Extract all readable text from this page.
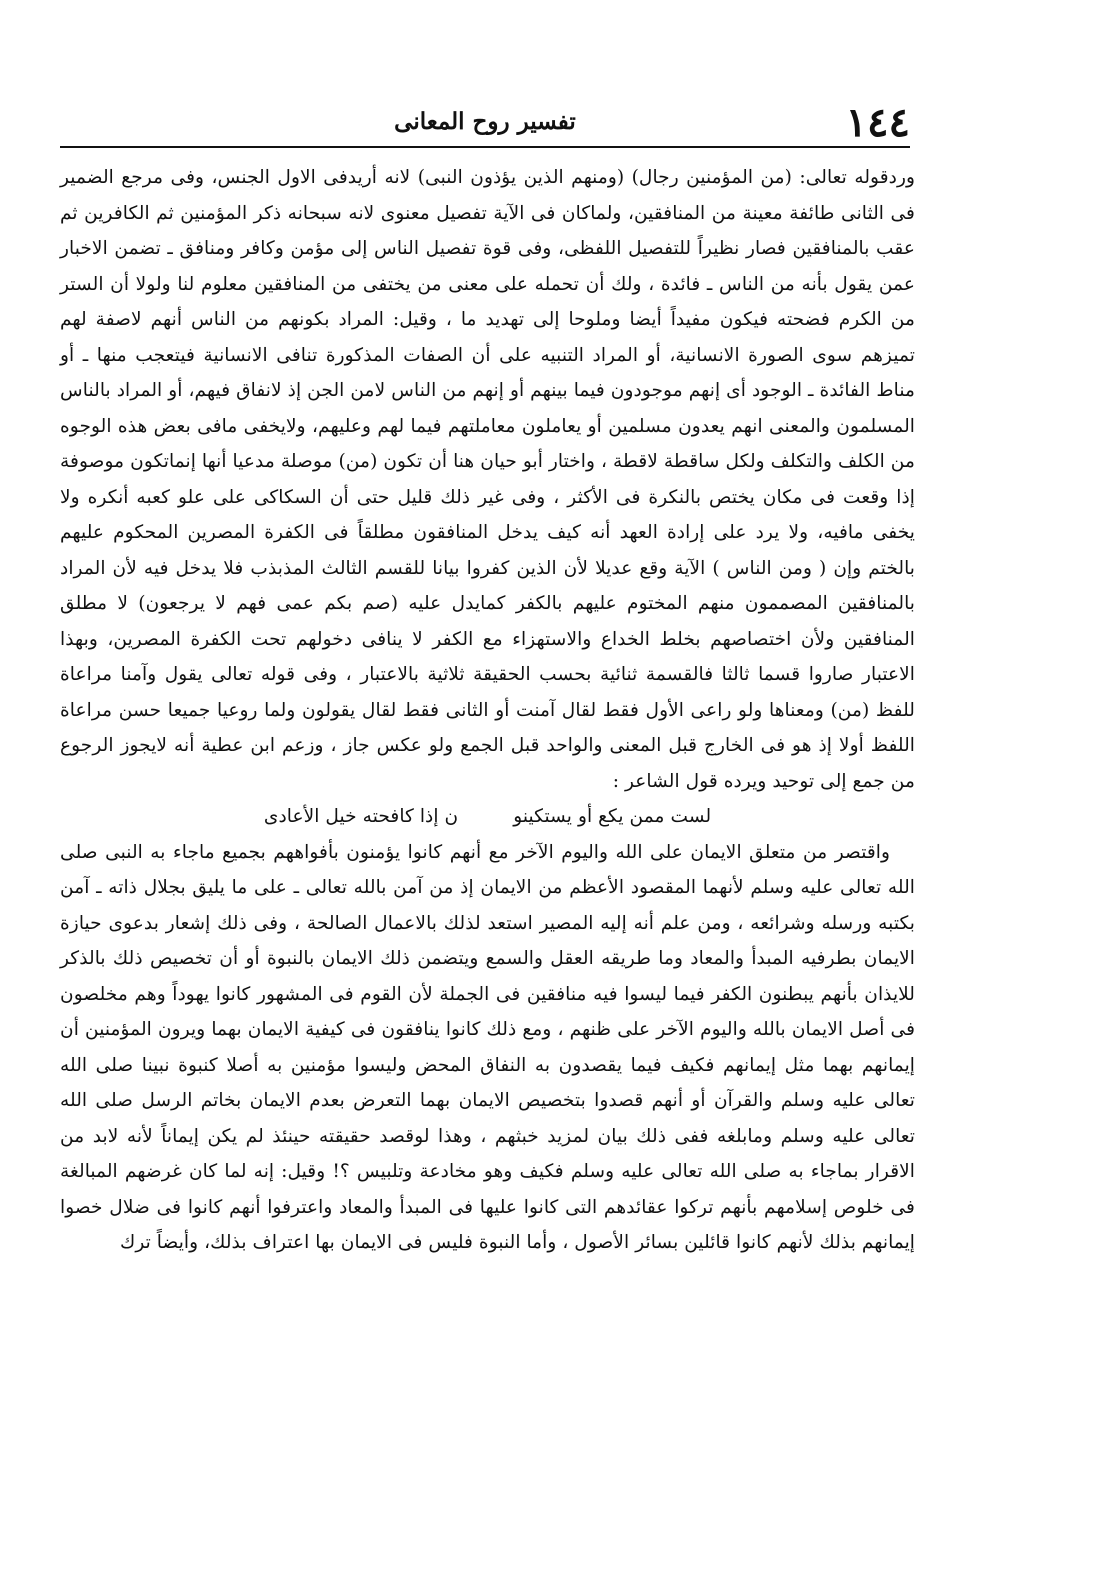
١٤٤
تفسير روح المعانى

وردقوله تعالى: (من المؤمنين رجال) (ومنهم الذين يؤذون النبى) لانه أريدفى الاول الجنس، وفى مرجع الضمير فى الثانى طائفة معينة من المنافقين، ولماكان فى الآية تفصيل معنوى لانه سبحانه ذكر المؤمنين ثم الكافرين ثم عقب بالمنافقين فصار نظيراً للتفصيل اللفظى، وفى قوة تفصيل الناس إلى مؤمن وكافر ومنافق ـ تضمن الاخبار عمن يقول بأنه من الناس ـ فائدة ، ولك أن تحمله على معنى من يختفى من المنافقين معلوم لنا ولولا أن الستر من الكرم فضحته فيكون مفيداً أيضا وملوحا إلى تهديد ما ، وقيل: المراد بكونهم من الناس أنهم لاصفة لهم تميزهم سوى الصورة الانسانية، أو المراد التنبيه على أن الصفات المذكورة تنافى الانسانية فيتعجب منها ـ أو مناط الفائدة ـ الوجود أى إنهم موجودون فيما بينهم أو إنهم من الناس لامن الجن إذ لانفاق فيهم، أو المراد بالناس المسلمون والمعنى انهم يعدون مسلمين أو يعاملون معاملتهم فيما لهم وعليهم، ولايخفى مافى بعض هذه الوجوه من الكلف والتكلف ولكل ساقطة لاقطة ، واختار أبو حيان هنا أن تكون (من) موصلة مدعيا أنها إنماتكون موصوفة إذا وقعت فى مكان يختص بالنكرة فى الأكثر ، وفى غير ذلك قليل حتى أن السكاكى على علو كعبه أنكره ولا يخفى مافيه، ولا يرد على إرادة العهد أنه كيف يدخل المنافقون مطلقاً فى الكفرة المصرين المحكوم عليهم بالختم وإن ( ومن الناس ) الآية وقع عديلا لأن الذين كفروا بيانا للقسم الثالث المذبذب فلا يدخل فيه لأن المراد بالمنافقين المصممون منهم المختوم عليهم بالكفر كمايدل عليه (صم بكم عمى فهم لا يرجعون) لا مطلق المنافقين ولأن اختصاصهم بخلط الخداع والاستهزاء مع الكفر لا ينافى دخولهم تحت الكفرة المصرين، وبهذا الاعتبار صاروا قسما ثالثا فالقسمة ثنائية بحسب الحقيقة ثلاثية بالاعتبار ، وفى قوله تعالى يقول وآمنا مراعاة للفظ (من) ومعناها ولو راعى الأول فقط لقال آمنت أو الثانى فقط لقال يقولون ولما روعيا جميعا حسن مراعاة اللفظ أولا إذ هو فى الخارج قبل المعنى والواحد قبل الجمع ولو عكس جاز ، وزعم ابن عطية أنه لايجوز الرجوع من جمع إلى توحيد ويرده قول الشاعر :

لست ممن يكع أو يستكينو
ن إذا كافحته خيل الأعادى

واقتصر من متعلق الايمان على الله واليوم الآخر مع أنهم كانوا يؤمنون بأفواههم بجميع ماجاء به النبى صلى الله تعالى عليه وسلم لأنهما المقصود الأعظم من الايمان إذ من آمن بالله تعالى ـ على ما يليق بجلال ذاته ـ آمن بكتبه ورسله وشرائعه ، ومن علم أنه إليه المصير استعد لذلك بالاعمال الصالحة ، وفى ذلك إشعار بدعوى حيازة الايمان بطرفيه المبدأ والمعاد وما طريقه العقل والسمع ويتضمن ذلك الايمان بالنبوة أو أن تخصيص ذلك بالذكر للايذان بأنهم يبطنون الكفر فيما ليسوا فيه منافقين فى الجملة لأن القوم فى المشهور كانوا يهوداً وهم مخلصون فى أصل الايمان بالله واليوم الآخر على ظنهم ، ومع ذلك كانوا ينافقون فى كيفية الايمان بهما ويرون المؤمنين أن إيمانهم بهما مثل إيمانهم فكيف فيما يقصدون به النفاق المحض وليسوا مؤمنين به أصلا كنبوة نبينا صلى الله تعالى عليه وسلم والقرآن أو أنهم قصدوا بتخصيص الايمان بهما التعرض بعدم الايمان بخاتم الرسل صلى الله تعالى عليه وسلم ومابلغه ففى ذلك بيان لمزيد خبثهم ، وهذا لوقصد حقيقته حينئذ لم يكن إيماناً لأنه لابد من الاقرار بماجاء به صلى الله تعالى عليه وسلم فكيف وهو مخادعة وتلبيس ؟! وقيل: إنه لما كان غرضهم المبالغة فى خلوص إسلامهم بأنهم تركوا عقائدهم التى كانوا عليها فى المبدأ والمعاد واعترفوا أنهم كانوا فى ضلال خصوا إيمانهم بذلك لأنهم كانوا قائلين بسائر الأصول ، وأما النبوة فليس فى الايمان بها اعتراف بذلك، وأيضاً ترك
